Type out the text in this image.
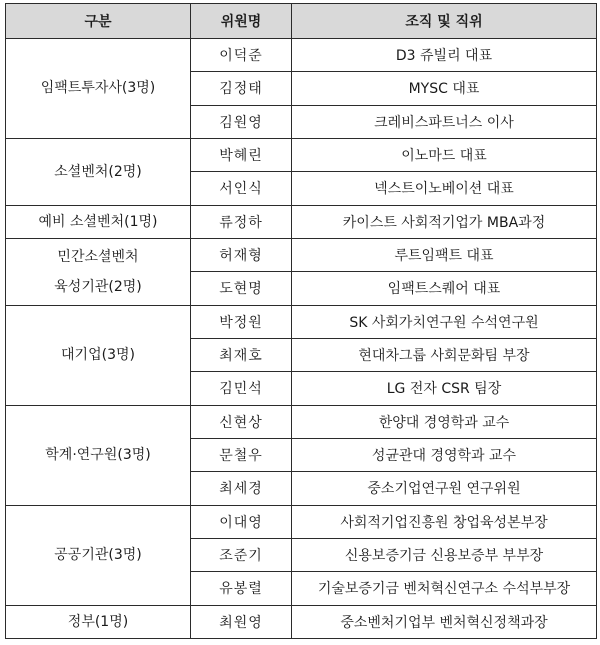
구분	위원명	조직 및 직위
임팩트투자사(3명)	이덕준	D3 쥬빌리 대표
	김정태	MYSC 대표
	김원영	크레비스파트너스 이사
소셜벤처(2명)	박혜린	이노마드 대표
	서인식	넥스트이노베이션 대표
예비 소셜벤처(1명)	류정하	카이스트 사회적기업가 MBA과정

민간소셜벤처
육성기관(2명)	허재형	루트임팩트 대표
	도현명	임팩트스퀘어 대표
대기업(3명)	박정원	SK 사회가치연구원 수석연구원
	최재호	현대차그룹 사회문화팀 부장
	김민석	LG 전자 CSR 팀장
학계·연구원(3명)	신현상	한양대 경영학과 교수
	문철우	성균관대 경영학과 교수
	최세경	중소기업연구원 연구위원
공공기관(3명)	이대영	사회적기업진흥원 창업육성본부장
	조준기	신용보증기금 신용보증부 부부장
	유봉렬	기술보증기금 벤처혁신연구소 수석부부장
정부(1명)	최원영	중소벤처기업부 벤처혁신정책과장
